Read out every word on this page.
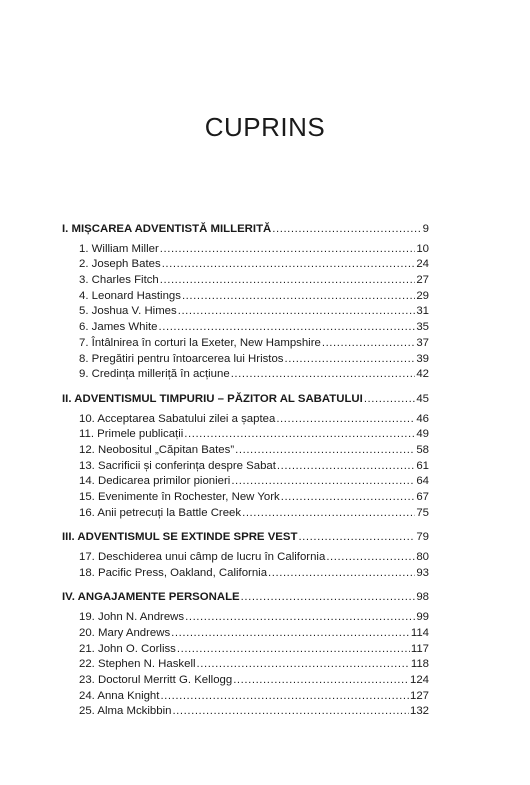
CUPRINS
I. MIȘCAREA ADVENTISTĂ MILLERITĂ . . .	9
1. William Miller . . .	10
2. Joseph Bates . . .	24
3. Charles Fitch . . .	27
4. Leonard Hastings . . .	29
5. Joshua V. Himes . . .	31
6. James White . . .	35
7. Întâlnirea în corturi la Exeter, New Hampshire . . .	37
8. Pregătiri pentru întoarcerea lui Hristos . . .	39
9. Credința milleriță în acțiune . . .	42
II. ADVENTISMUL TIMPURIU – PĂZITOR AL SABATULUI . . .	45
10. Acceptarea Sabatului zilei a șaptea . . .	46
11. Primele publicații . . .	49
12. Neobositul „Căpitan Bates” . . .	58
13. Sacrificii și conferința despre Sabat . . .	61
14. Dedicarea primilor pionieri . . .	64
15. Evenimente în Rochester, New York . . .	67
16. Anii petrecuți la Battle Creek . . .	75
III. ADVENTISMUL SE EXTINDE SPRE VEST . . .	79
17. Deschiderea unui câmp de lucru în California . . .	80
18. Pacific Press, Oakland, California . . .	93
IV. ANGAJAMENTE PERSONALE . . .	98
19. John N. Andrews . . .	99
20. Mary Andrews . . .	114
21. John O. Corliss . . .	117
22. Stephen N. Haskell . . .	118
23. Doctorul Merritt G. Kellogg . . .	124
24. Anna Knight . . .	127
25. Alma Mckibbin . . .	132
